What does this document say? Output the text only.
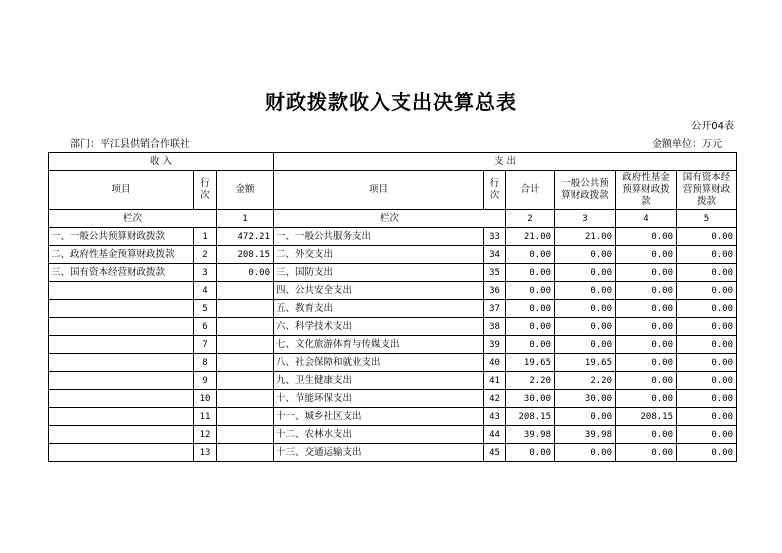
财政拨款收入支出决算总表
公开04表
部门：平江县供销合作联社	金额单位：万元
收 入			支 出					
项目	行次	金额	项目	行次	合计	一般公共预算财政拨款	政府性基金预算财政拨款	国有资本经营预算财政拨款
栏次		1	栏次		2	3	4	5
一、一般公共预算财政拨款	1	472.21	一、一般公共服务支出	33	21.00	21.00	0.00	0.00
二、政府性基金预算财政拨款	2	208.15	二、外交支出	34	0.00	0.00	0.00	0.00
三、国有资本经营财政拨款	3	0.00	三、国防支出	35	0.00	0.00	0.00	0.00
	4		四、公共安全支出	36	0.00	0.00	0.00	0.00
	5		五、教育支出	37	0.00	0.00	0.00	0.00
	6		六、科学技术支出	38	0.00	0.00	0.00	0.00
	7		七、文化旅游体育与传媒支出	39	0.00	0.00	0.00	0.00
	8		八、社会保障和就业支出	40	19.65	19.65	0.00	0.00
	9		九、卫生健康支出	41	2.20	2.20	0.00	0.00
	10		十、节能环保支出	42	30.00	30.00	0.00	0.00
	11		十一、城乡社区支出	43	208.15	0.00	208.15	0.00
	12		十二、农林水支出	44	39.98	39.98	0.00	0.00
	13		十三、交通运输支出	45	0.00	0.00	0.00	0.00
